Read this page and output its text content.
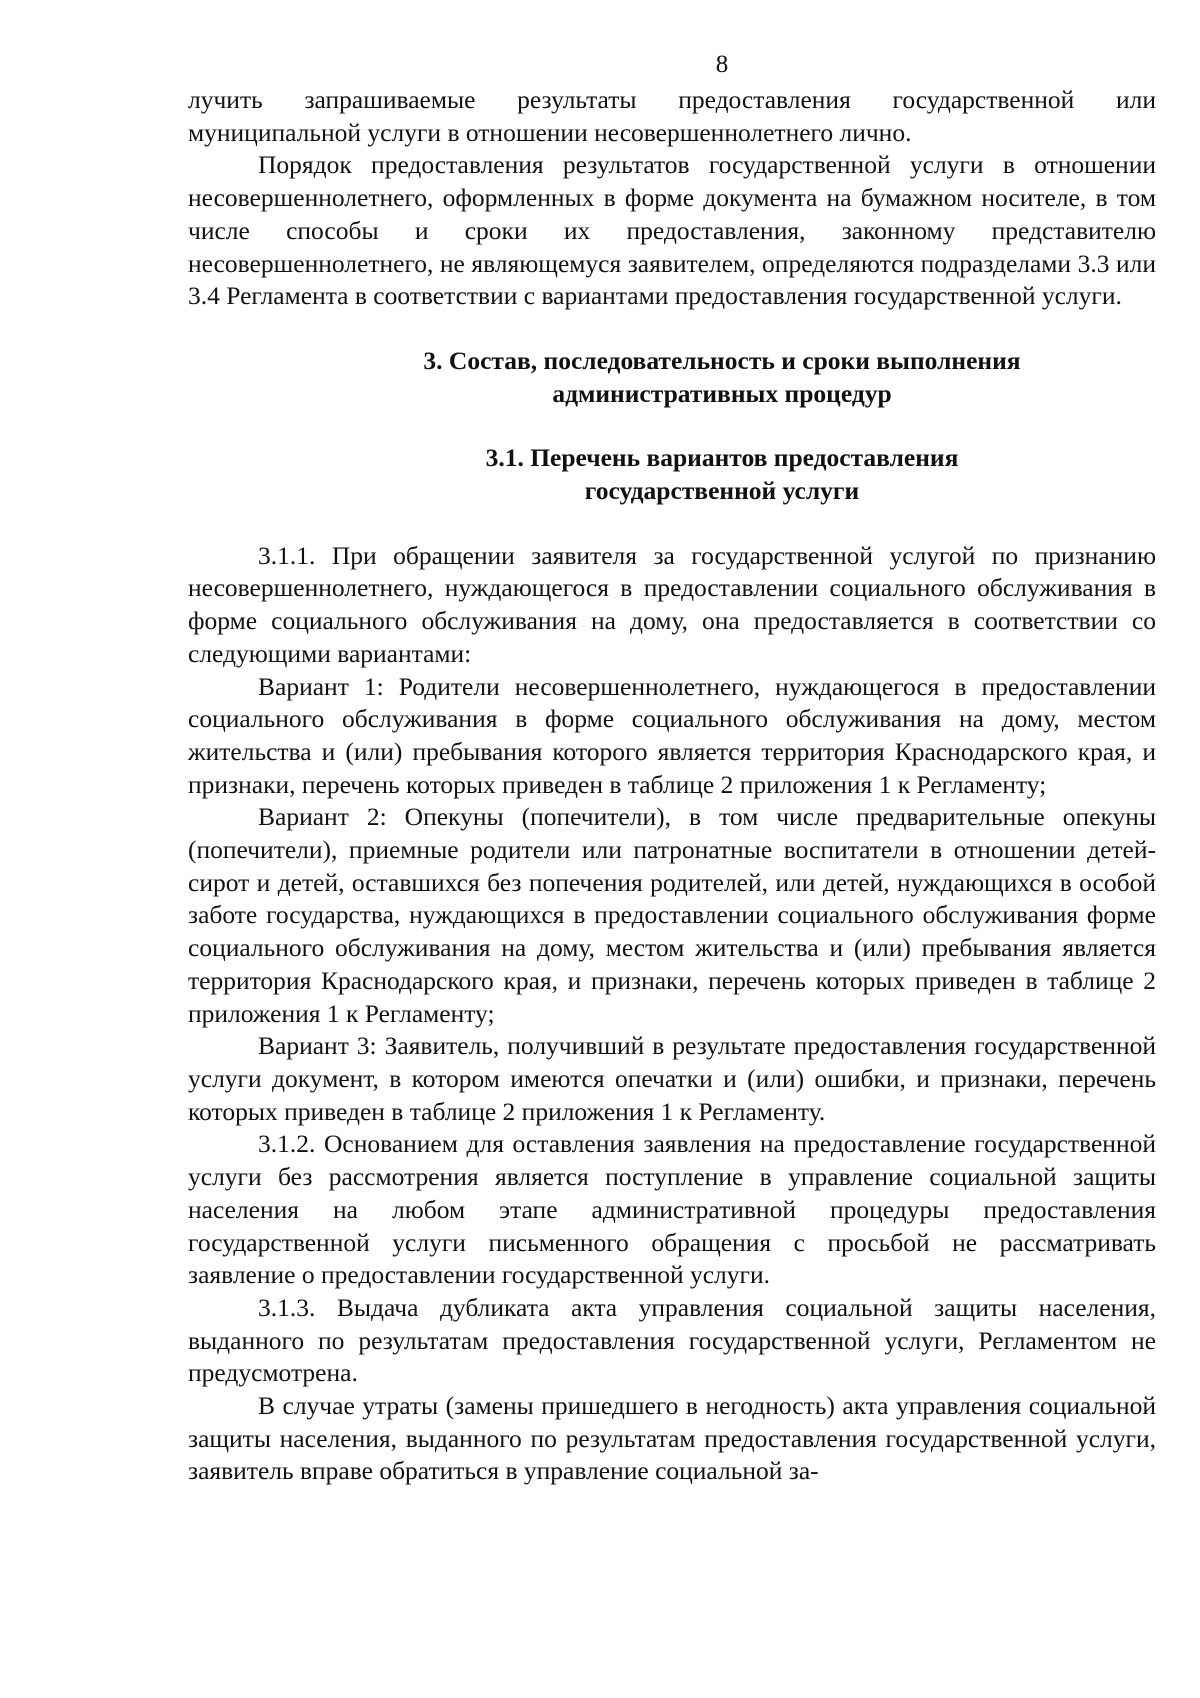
8

лучить запрашиваемые результаты предоставления государственной или муниципальной услуги в отношении несовершеннолетнего лично.

Порядок предоставления результатов государственной услуги в отношении несовершеннолетнего, оформленных в форме документа на бумажном носителе, в том числе способы и сроки их предоставления, законному представителю несовершеннолетнего, не являющемуся заявителем, определяются подразделами 3.3 или 3.4 Регламента в соответствии с вариантами предоставления государственной услуги.

3. Состав, последовательность и сроки выполнения
административных процедур
3.1. Перечень вариантов предоставления
государственной услуги

3.1.1. При обращении заявителя за государственной услугой по признанию несовершеннолетнего, нуждающегося в предоставлении социального обслуживания в форме социального обслуживания на дому, она предоставляется в соответствии со следующими вариантами:

Вариант 1: Родители несовершеннолетнего, нуждающегося в предоставлении социального обслуживания в форме социального обслуживания на дому, местом жительства и (или) пребывания которого является территория Краснодарского края, и признаки, перечень которых приведен в таблице 2 приложения 1 к Регламенту;

Вариант 2: Опекуны (попечители), в том числе предварительные опекуны (попечители), приемные родители или патронатные воспитатели в отношении детей-сирот и детей, оставшихся без попечения родителей, или детей, нуждающихся в особой заботе государства, нуждающихся в предоставлении социального обслуживания форме социального обслуживания на дому, местом жительства и (или) пребывания является территория Краснодарского края, и признаки, перечень которых приведен в таблице 2 приложения 1 к Регламенту;

Вариант 3: Заявитель, получивший в результате предоставления государственной услуги документ, в котором имеются опечатки и (или) ошибки, и признаки, перечень которых приведен в таблице 2 приложения 1 к Регламенту.

3.1.2. Основанием для оставления заявления на предоставление государственной услуги без рассмотрения является поступление в управление социальной защиты населения на любом этапе административной процедуры предоставления государственной услуги письменного обращения с просьбой не рассматривать заявление о предоставлении государственной услуги.

3.1.3. Выдача дубликата акта управления социальной защиты населения, выданного по результатам предоставления государственной услуги, Регламентом не предусмотрена.

В случае утраты (замены пришедшего в негодность) акта управления социальной защиты населения, выданного по результатам предоставления государственной услуги, заявитель вправе обратиться в управление социальной за-
